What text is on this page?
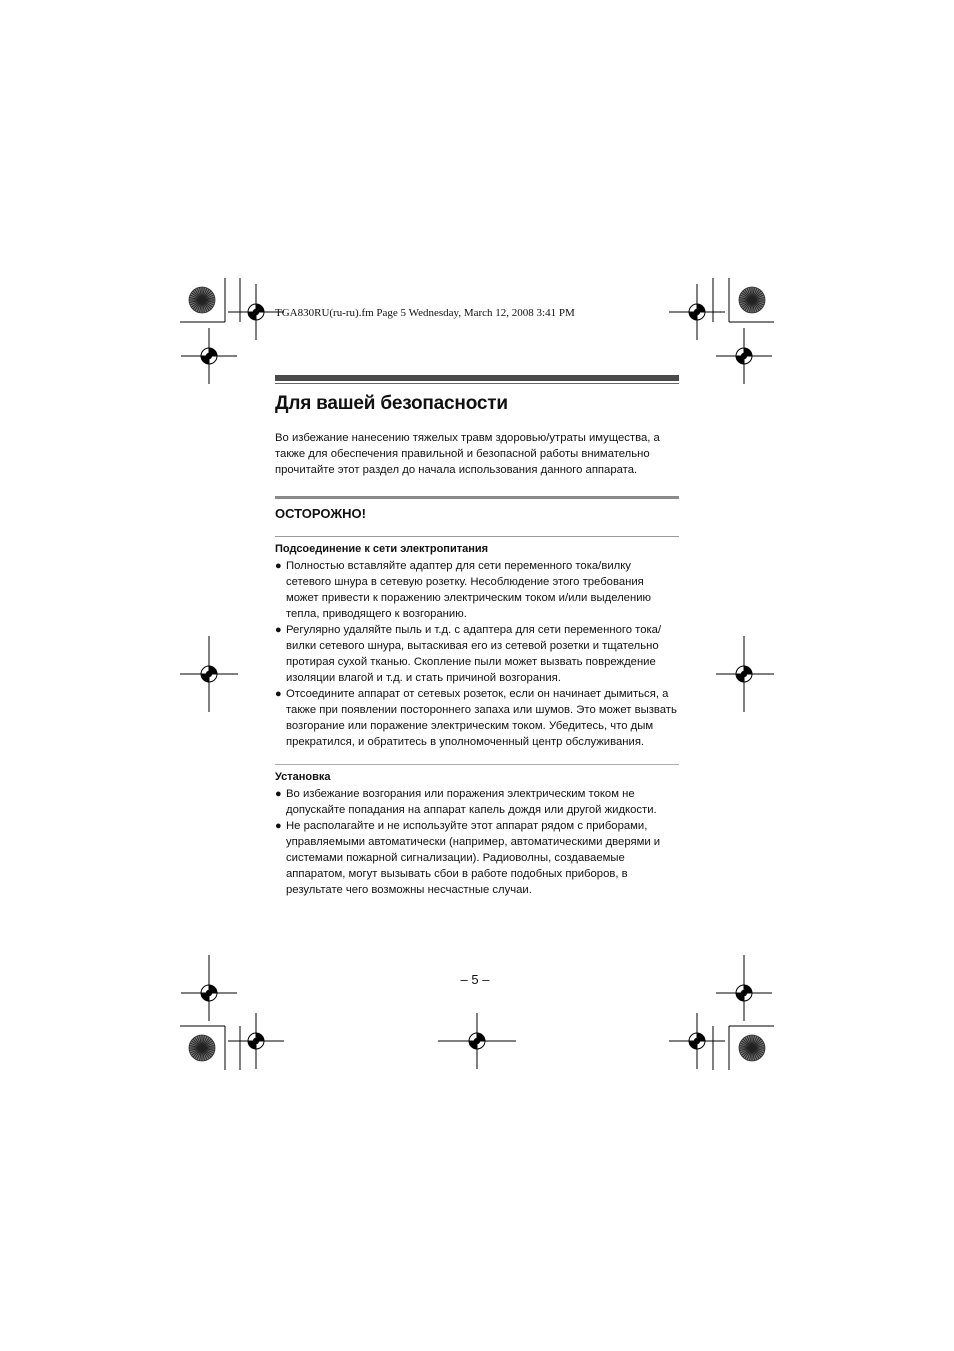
TGA830RU(ru-ru).fm Page 5 Wednesday, March 12, 2008 3:41 PM
Для вашей безопасности
Во избежание нанесению тяжелых травм здоровью/утраты имущества, а также для обеспечения правильной и безопасной работы внимательно прочитайте этот раздел до начала использования данного аппарата.
ОСТОРОЖНО!
Подсоединение к сети электропитания
● Полностью вставляйте адаптер для сети переменного тока/вилку сетевого шнура в сетевую розетку. Несоблюдение этого требования может привести к поражению электрическим током и/или выделению тепла, приводящего к возгоранию.
● Регулярно удаляйте пыль и т.д. с адаптера для сети переменного тока/вилки сетевого шнура, вытаскивая его из сетевой розетки и тщательно протирая сухой тканью. Скопление пыли может вызвать повреждение изоляции влагой и т.д. и стать причиной возгорания.
● Отсоедините аппарат от сетевых розеток, если он начинает дымиться, а также при появлении постороннего запаха или шумов. Это может вызвать возгорание или поражение электрическим током. Убедитесь, что дым прекратился, и обратитесь в уполномоченный центр обслуживания.
Установка
● Во избежание возгорания или поражения электрическим током не допускайте попадания на аппарат капель дождя или другой жидкости.
● Не располагайте и не используйте этот аппарат рядом с приборами, управляемыми автоматически (например, автоматическими дверями и системами пожарной сигнализации). Радиоволны, создаваемые аппаратом, могут вызывать сбои в работе подобных приборов, в результате чего возможны несчастные случаи.
– 5 –
